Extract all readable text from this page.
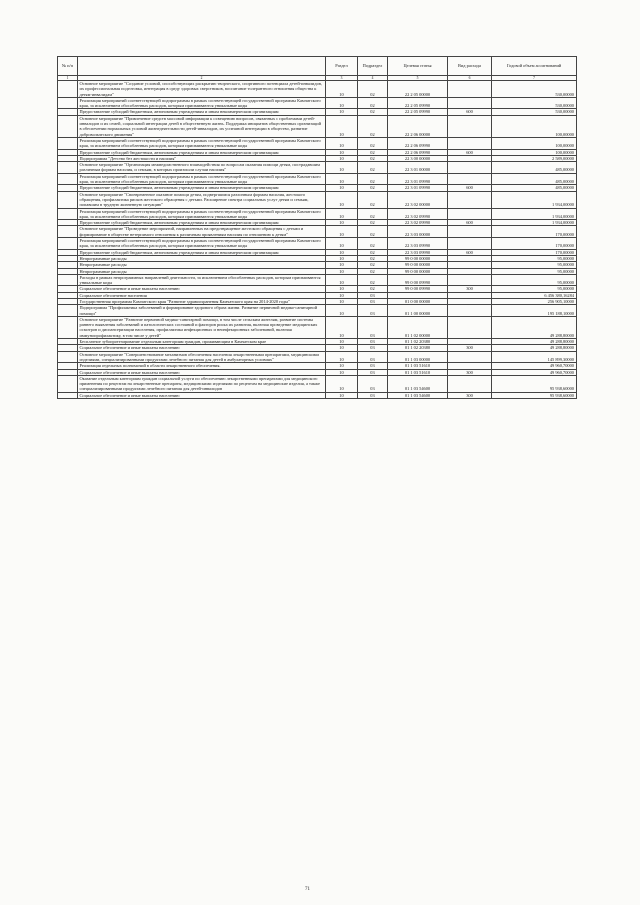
№ п/п		Раздел	Подраздел	Целевая статья	Вид расхода	Годовой объем ассигнований
1	2	3	4	5	6	7
	Основное мероприятие "Создание условий, способствующих раскрытию творческого, спортивного потенциала детей-инвалидов, их профессиональная подготовка, интеграция в среду здоровых сверстников, воспитание толерантного отношения общества к детям-инвалидам"	10	02	22 2 05 00000		530,00000
	Реализация мероприятий соответствующей подпрограммы в рамках соответствующей государственной программы Камчатского края, за исключением обособленных расходов, которым присваиваются уникальные коды	10	02	22 2 05 09990		530,00000
	Предоставление субсидий бюджетным, автономным учреждениям и иным некоммерческим организациям	10	02	22 2 05 09990	600	530,00000
	Основное мероприятие "Привлечение средств массовой информации к освещению вопросов, связанных с проблемами детей-инвалидов и их семей, социальной интеграции детей в общественную жизнь. Поддержка инициатив общественных организаций в обеспечении нормальных условий жизнедеятельности детей-инвалидов, их успешной интеграции в общество, развитие добровольческого движения"	10	02	22 2 06 00000		100,00000
	Реализация мероприятий соответствующей подпрограммы в рамках соответствующей государственной программы Камчатского края, за исключением обособленных расходов, которым присваиваются уникальные коды	10	02	22 2 06 09990		100,00000
	Предоставление субсидий бюджетным, автономным учреждениям и иным некоммерческим организациям	10	02	22 2 06 09990	600	100,00000
	Подпрограмма "Детство без жестокости и насилия"	10	02	22 3 00 00000		2 589,00000
	Основное мероприятие "Организация межведомственного взаимодействия по вопросам оказания помощи детям, пострадавшим различным формам насилия, и семьям, в которых произошли случаи насилия"	10	02	22 3 01 00000		485,00000
	Реализация мероприятий соответствующей подпрограммы в рамках соответствующей государственной программы Камчатского края, за исключением обособленных расходов, которым присваиваются уникальные коды	10	02	22 3 01 09990		485,00000
	Предоставление субсидий бюджетным, автономным учреждениям и иным некоммерческим организациям	10	02	22 3 01 09990	600	485,00000
	Основное мероприятие "Своевременное оказание помощи детям, подвергшимся различным формам насилия, жестокого обращения, профилактика рисков жестокого обращения с детьми. Расширение спектра социальных услуг детям и семьям, попавшим в трудную жизненную ситуацию"	10	02	22 3 02 00000		1 934,00000
	Реализация мероприятий соответствующей подпрограммы в рамках соответствующей государственной программы Камчатского края, за исключением обособленных расходов, которым присваиваются уникальные коды	10	02	22 3 02 09990		1 934,00000
	Предоставление субсидий бюджетным, автономным учреждениям и иным некоммерческим организациям	10	02	22 3 02 09990	600	1 934,00000
	Основное мероприятие "Проведение мероприятий, направленных на предотвращение жестокого обращения с детьми и формирование в обществе нетерпимого отношения к различным проявлениям насилия по отношению к детям"	10	02	22 3 03 00000		170,00000
	Реализация мероприятий соответствующей подпрограммы в рамках соответствующей государственной программы Камчатского края, за исключением обособленных расходов, которым присваиваются уникальные коды	10	02	22 3 03 09990		170,00000
	Предоставление субсидий бюджетным, автономным учреждениям и иным некоммерческим организациям	10	02	22 3 03 09990	600	170,00000
	Непрограммные расходы	10	02	99 0 00 00000		95,00000
	Непрограммные расходы	10	02	99 0 00 00000		95,00000
	Непрограммные расходы	10	02	99 0 00 00000		95,00000
	Расходы в рамках непрограммных направлений деятельности, за исключением обособленных расходов, которым присваиваются уникальные коды	10	02	99 0 00 09990		95,00000
	Социальное обеспечение и иные выплаты населению	10	02	99 0 00 09990	300	95,00000
	Социальное обеспечение населения	10	03			6 456 380,16284
	Государственная программа Камчатского края "Развитие здравоохранения Камчатского края на 2014-2020 годы"	10	03	01 0 00 00000		256 905,10000
	Подпрограмма "Профилактика заболеваний и формирование здорового образа жизни. Развитие первичной медико-санитарной помощи"	10	03	01 1 00 00000		195 188,10000
	Основное мероприятие "Развитие первичной медико-санитарной помощи, в том числе сельским жителям, развитие системы раннего выявления заболеваний и патологических состояний и факторов риска их развития, включая проведение медицинских осмотров и диспансеризации населения, профилактика инфекционных и неинфекционных заболеваний, включая иммунопрофилактику, в том числе у детей"	10	03	01 1 02 00000		49 288,80000
	Бесплатное зубопротезирование отдельным категориям граждан, проживающим в Камчатском крае	10	03	01 1 02 20380		49 288,80000
	Социальное обеспечение и иные выплаты населению	10	03	01 1 02 20380	300	49 288,80000
	Основное мероприятие "Совершенствование механизмов обеспечения населения лекарственными препаратами, медицинскими изделиями, специализированными продуктами лечебного питания для детей в амбулаторных условиях"	10	03	01 1 03 00000		145 899,30000
	Реализация отдельных полномочий в области лекарственного обеспечения.	10	03	01 1 03 51610		49 960,70000
	Социальное обеспечение и иные выплаты населению	10	03	01 1 03 51610	300	49 960,70000
	Оказание отдельным категориям граждан социальной услуги по обеспечению лекарственными препаратами для медицинского применения по рецептам на лекарственные препараты, медицинскими изделиями по рецептам на медицинские изделия, а также специализированными продуктами лечебного питания для детей-инвалидов	10	03	01 1 03 54600		95 938,60000
	Социальное обеспечение и иные выплаты населению	10	03	01 1 03 54600	300	95 938,60000
71
